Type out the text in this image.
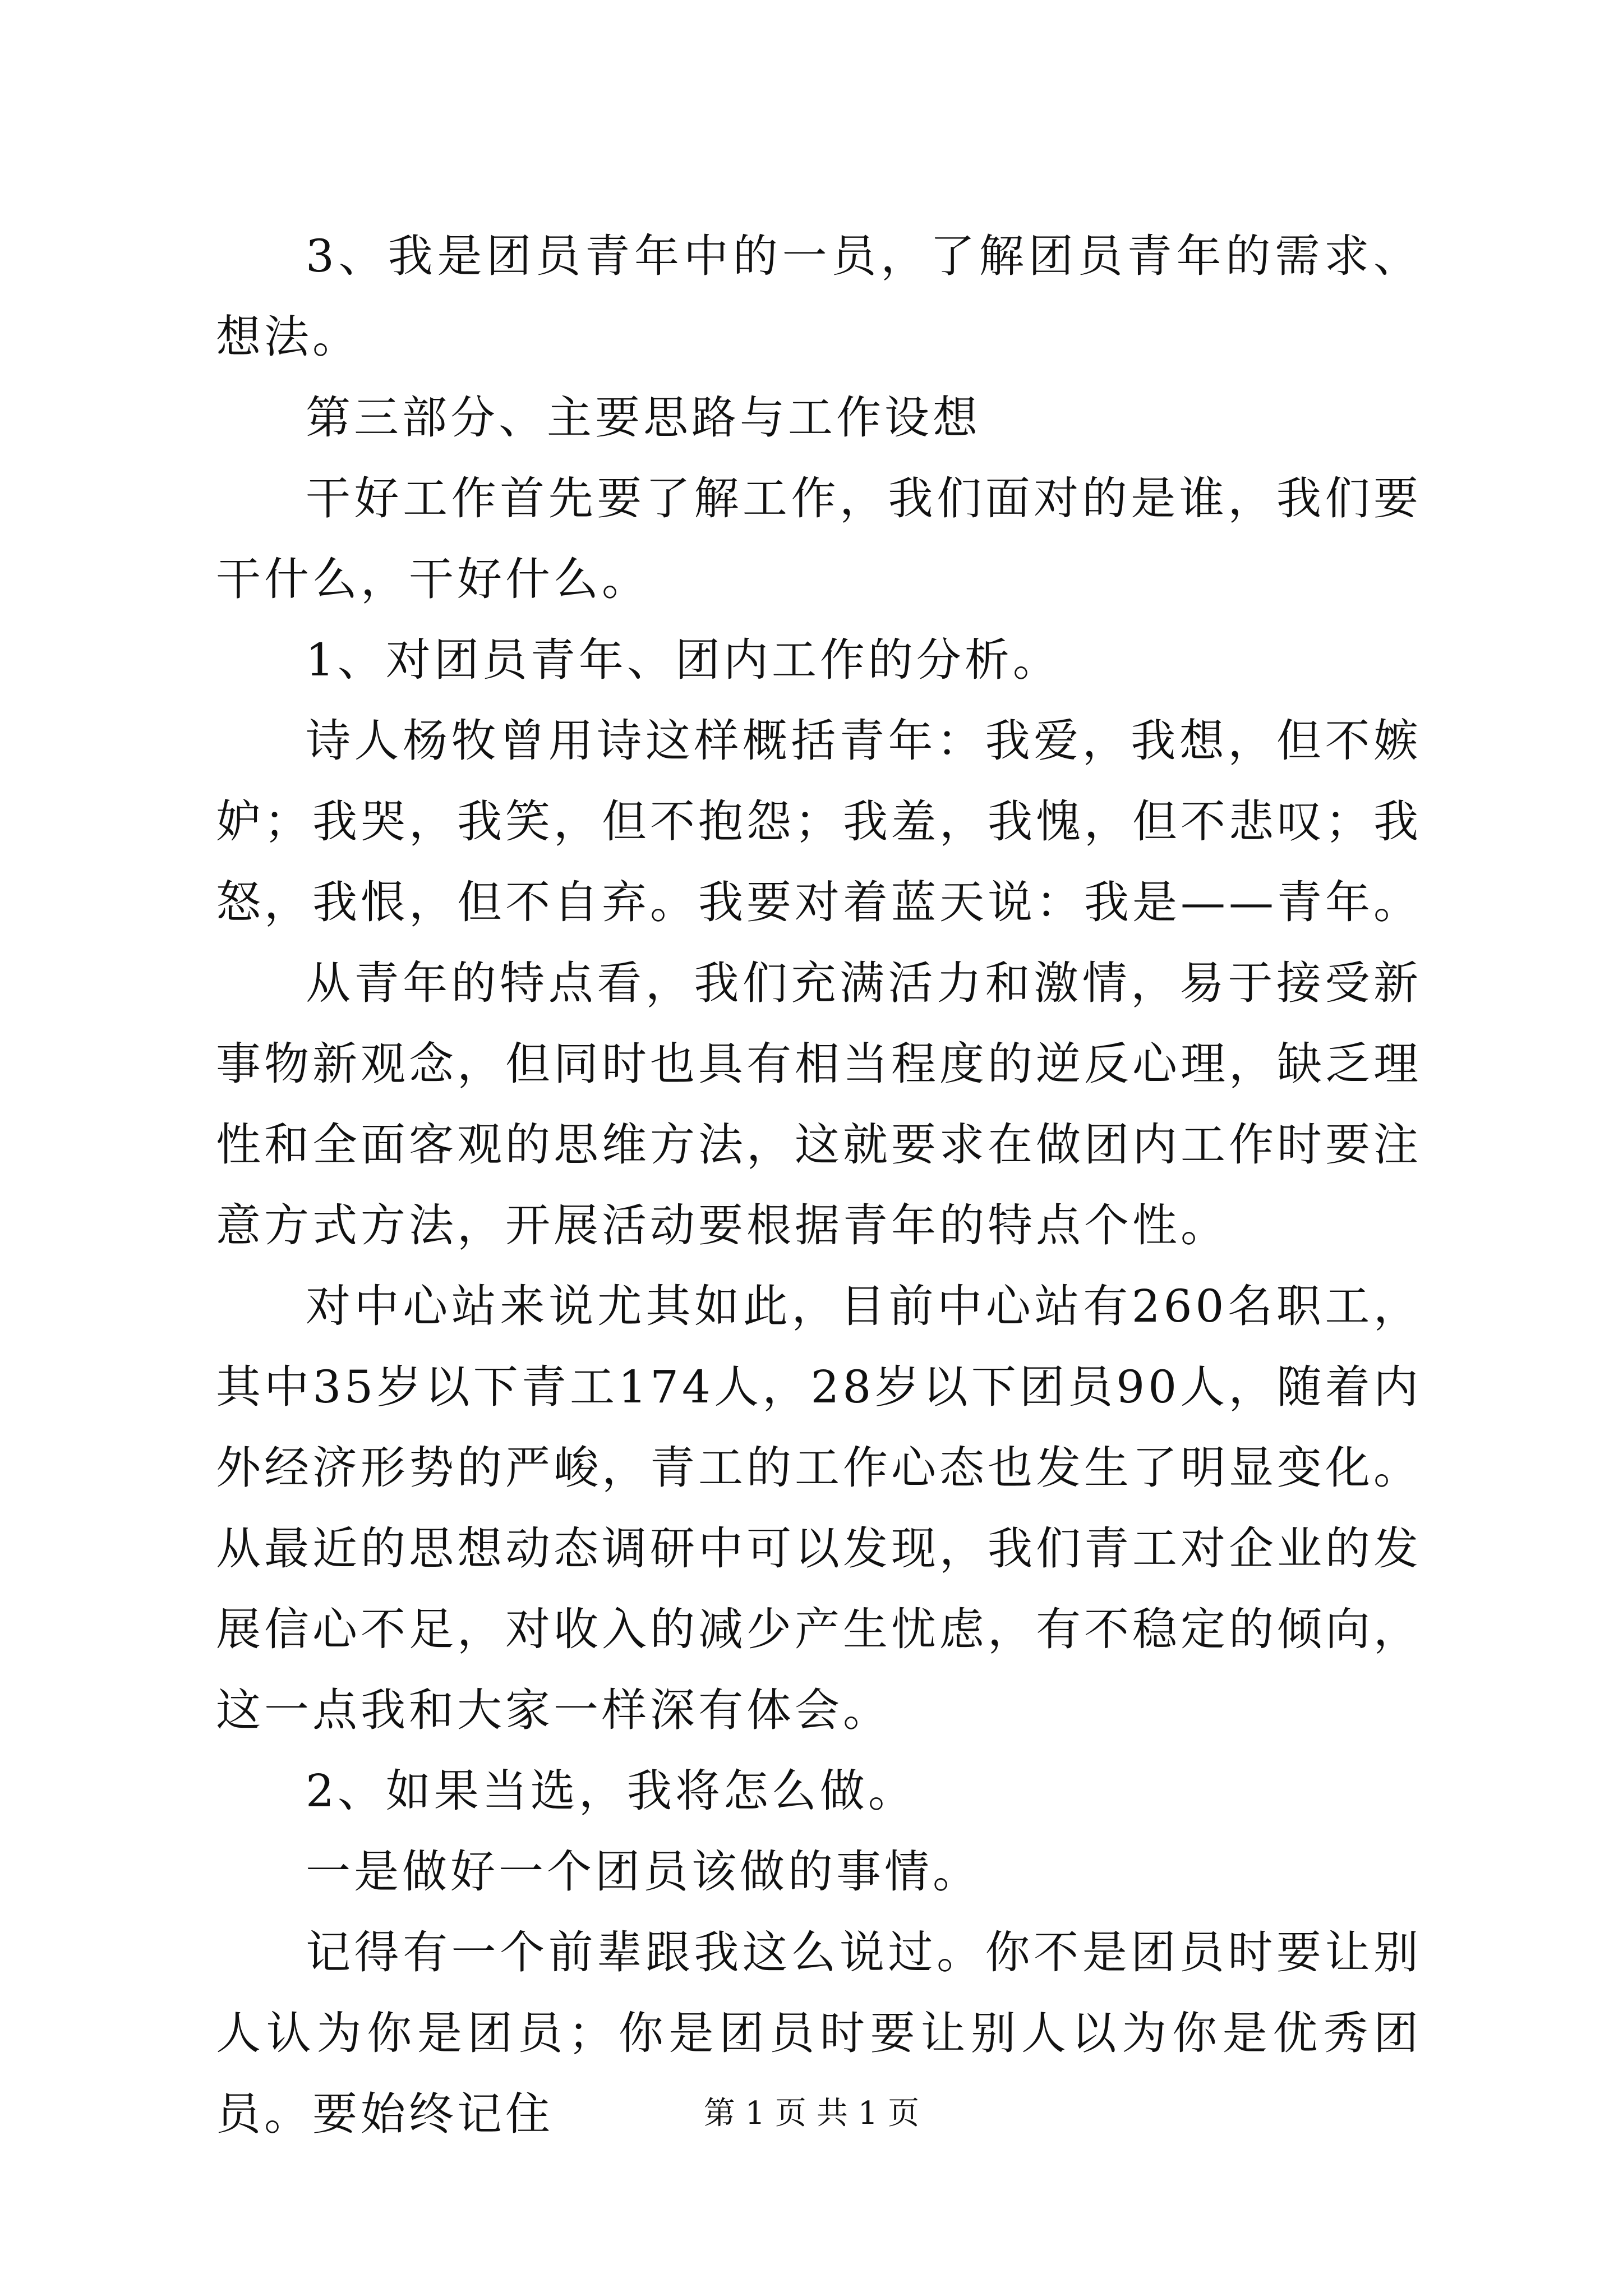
3、我是团员青年中的一员，了解团员青年的需求、想法。

第三部分、主要思路与工作设想

干好工作首先要了解工作，我们面对的是谁，我们要干什么，干好什么。

1、对团员青年、团内工作的分析。

诗人杨牧曾用诗这样概括青年：我爱，我想，但不嫉妒；我哭，我笑，但不抱怨；我羞，我愧，但不悲叹；我怒，我恨，但不自弃。我要对着蓝天说：我是——青年。

从青年的特点看，我们充满活力和激情，易于接受新事物新观念，但同时也具有相当程度的逆反心理，缺乏理性和全面客观的思维方法，这就要求在做团内工作时要注意方式方法，开展活动要根据青年的特点个性。

对中心站来说尤其如此，目前中心站有260名职工，其中35岁以下青工174人，28岁以下团员90人，随着内外经济形势的严峻，青工的工作心态也发生了明显变化。从最近的思想动态调研中可以发现，我们青工对企业的发展信心不足，对收入的减少产生忧虑，有不稳定的倾向，这一点我和大家一样深有体会。

2、如果当选，我将怎么做。

一是做好一个团员该做的事情。

记得有一个前辈跟我这么说过。你不是团员时要让别人认为你是团员；你是团员时要让别人以为你是优秀团员。要始终记住	第 1 页 共 1 页
